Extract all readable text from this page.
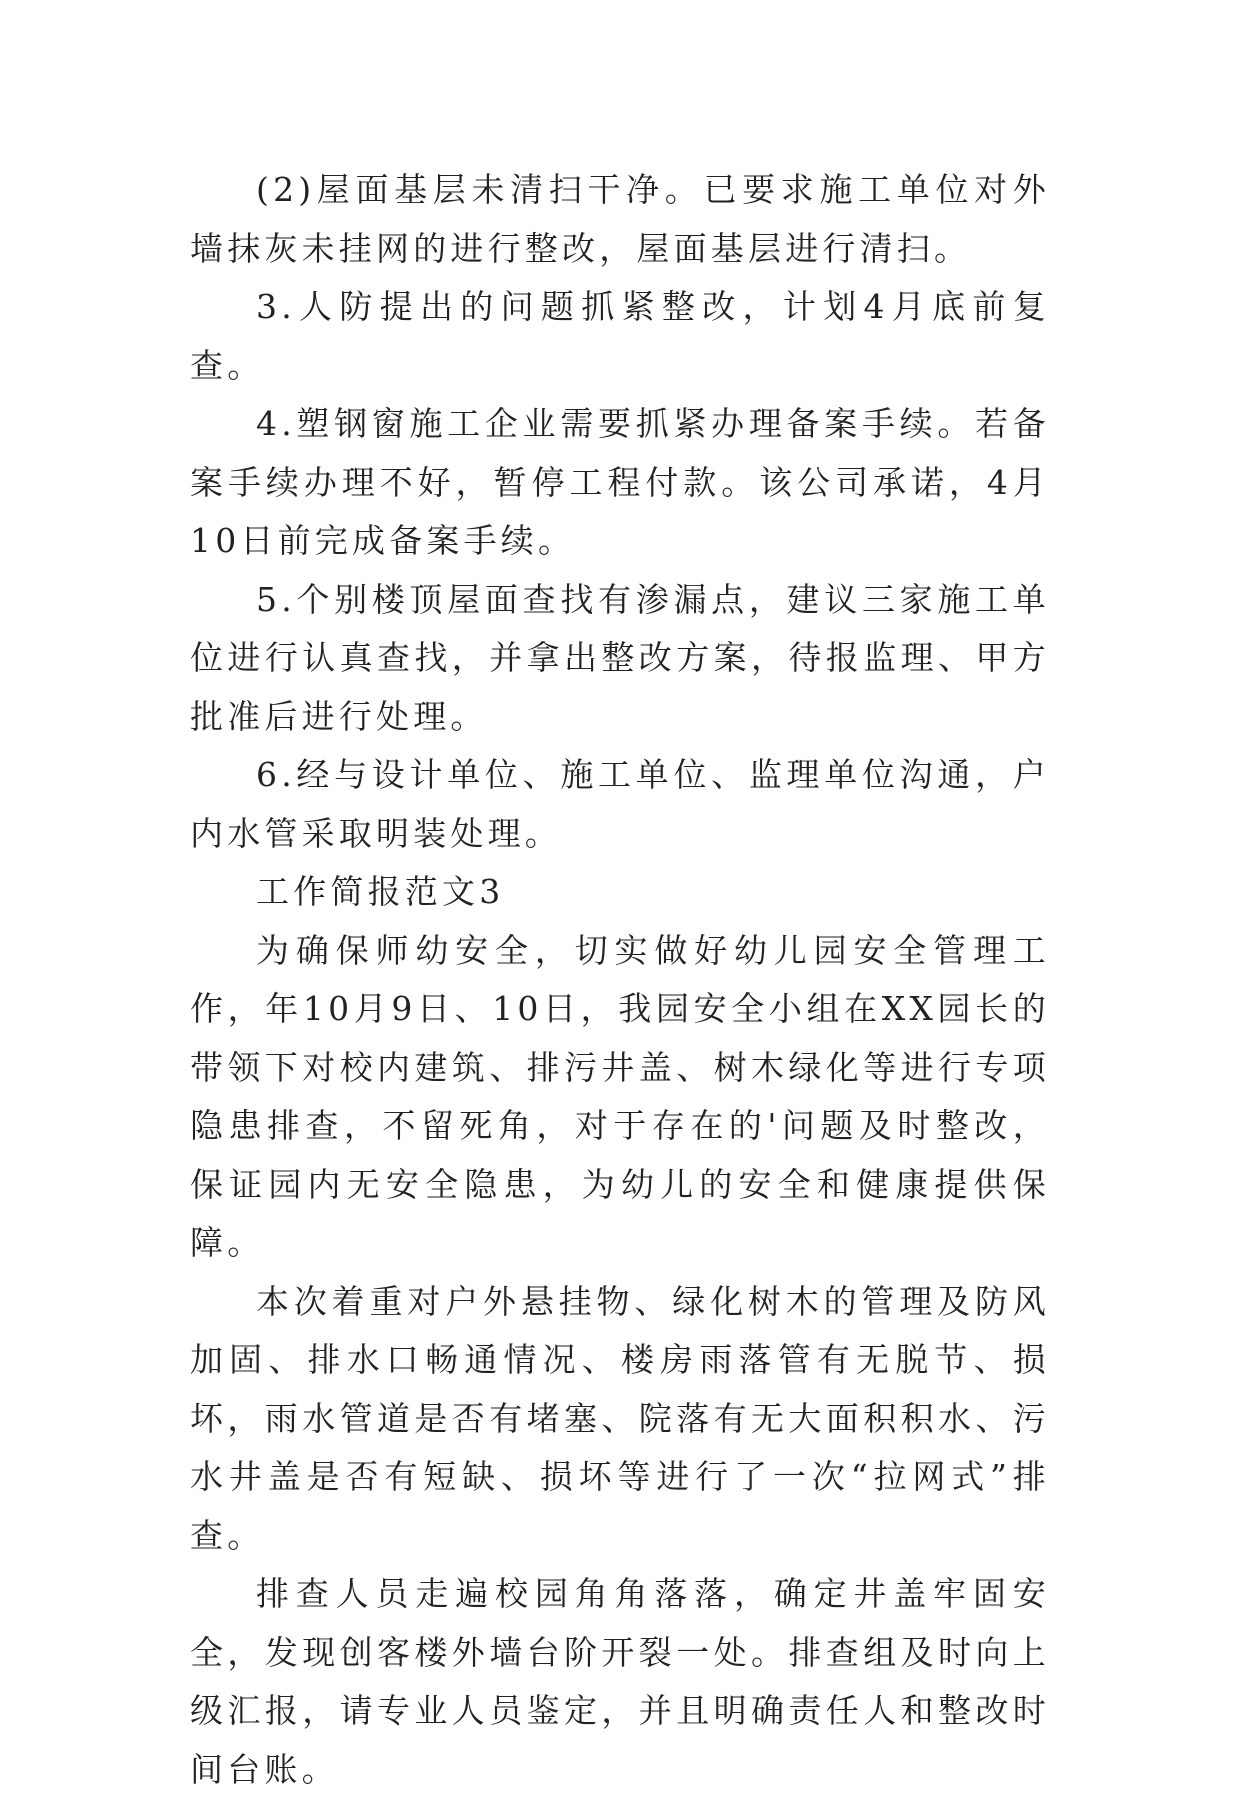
(2)屋面基层未清扫干净。已要求施工单位对外墙抹灰未挂网的进行整改，屋面基层进行清扫。

3.人防提出的问题抓紧整改，计划4月底前复查。

4.塑钢窗施工企业需要抓紧办理备案手续。若备案手续办理不好，暂停工程付款。该公司承诺，4月10日前完成备案手续。

5.个别楼顶屋面查找有渗漏点，建议三家施工单位进行认真查找，并拿出整改方案，待报监理、甲方批准后进行处理。

6.经与设计单位、施工单位、监理单位沟通，户内水管采取明装处理。

工作简报范文3

为确保师幼安全，切实做好幼儿园安全管理工作，年10月9日、10日，我园安全小组在XX园长的带领下对校内建筑、排污井盖、树木绿化等进行专项隐患排查，不留死角，对于存在的'问题及时整改，保证园内无安全隐患，为幼儿的安全和健康提供保障。

本次着重对户外悬挂物、绿化树木的管理及防风加固、排水口畅通情况、楼房雨落管有无脱节、损坏，雨水管道是否有堵塞、院落有无大面积积水、污水井盖是否有短缺、损坏等进行了一次“拉网式”排查。

排查人员走遍校园角角落落，确定井盖牢固安全，发现创客楼外墙台阶开裂一处。排查组及时向上级汇报，请专业人员鉴定，并且明确责任人和整改时间台账。
